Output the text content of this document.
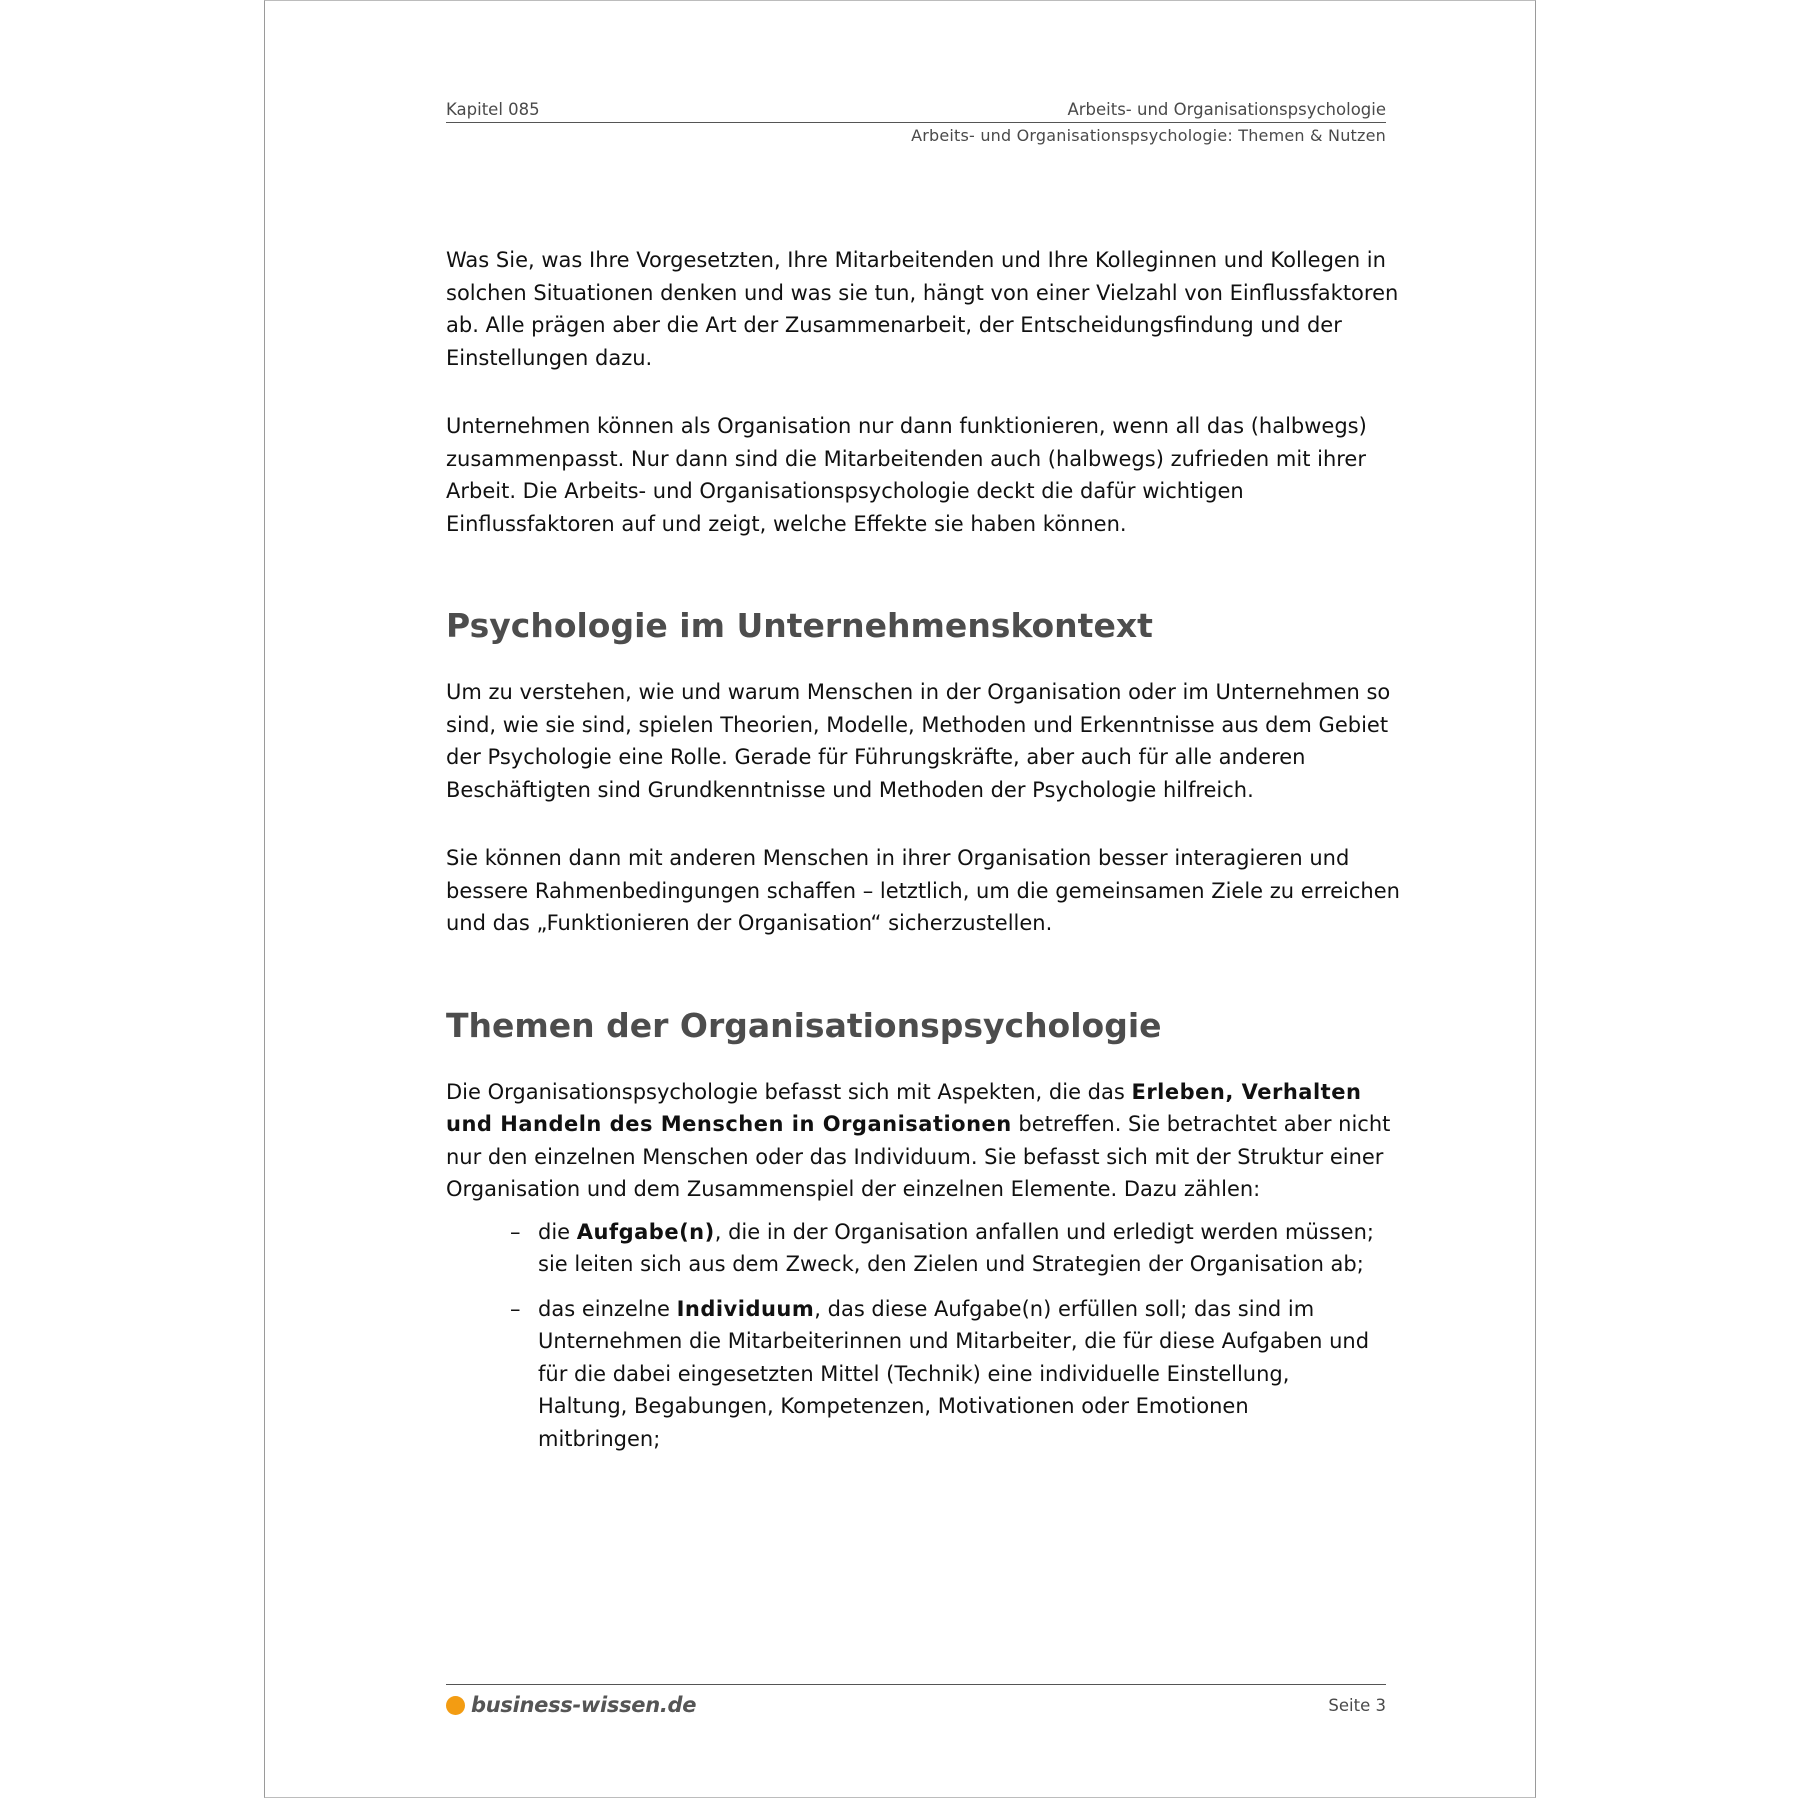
Kapitel 085	Arbeits- und Organisationspsychologie
Arbeits- und Organisationspsychologie: Themen & Nutzen

Was Sie, was Ihre Vorgesetzten, Ihre Mitarbeitenden und Ihre Kolleginnen und Kollegen in solchen Situationen denken und was sie tun, hängt von einer Vielzahl von Einflussfaktoren ab. Alle prägen aber die Art der Zusammenarbeit, der Entscheidungsfindung und der Einstellungen dazu.

Unternehmen können als Organisation nur dann funktionieren, wenn all das (halbwegs) zusammenpasst. Nur dann sind die Mitarbeitenden auch (halbwegs) zufrieden mit ihrer Arbeit. Die Arbeits- und Organisationspsychologie deckt die dafür wichtigen Einflussfaktoren auf und zeigt, welche Effekte sie haben können.

Psychologie im Unternehmenskontext

Um zu verstehen, wie und warum Menschen in der Organisation oder im Unternehmen so sind, wie sie sind, spielen Theorien, Modelle, Methoden und Erkenntnisse aus dem Gebiet der Psychologie eine Rolle. Gerade für Führungskräfte, aber auch für alle anderen Beschäftigten sind Grundkenntnisse und Methoden der Psychologie hilfreich.

Sie können dann mit anderen Menschen in ihrer Organisation besser interagieren und bessere Rahmenbedingungen schaffen – letztlich, um die gemeinsamen Ziele zu erreichen und das „Funktionieren der Organisation“ sicherzustellen.

Themen der Organisationspsychologie

Die Organisationspsychologie befasst sich mit Aspekten, die das Erleben, Verhalten und Handeln des Menschen in Organisationen betreffen. Sie betrachtet aber nicht nur den einzelnen Menschen oder das Individuum. Sie befasst sich mit der Struktur einer Organisation und dem Zusammenspiel der einzelnen Elemente. Dazu zählen:

– die Aufgabe(n), die in der Organisation anfallen und erledigt werden müssen; sie leiten sich aus dem Zweck, den Zielen und Strategien der Organisation ab;
– das einzelne Individuum, das diese Aufgabe(n) erfüllen soll; das sind im Unternehmen die Mitarbeiterinnen und Mitarbeiter, die für diese Aufgaben und für die dabei eingesetzten Mittel (Technik) eine individuelle Einstellung, Haltung, Begabungen, Kompetenzen, Motivationen oder Emotionen mitbringen;
business-wissen.de	Seite 3
